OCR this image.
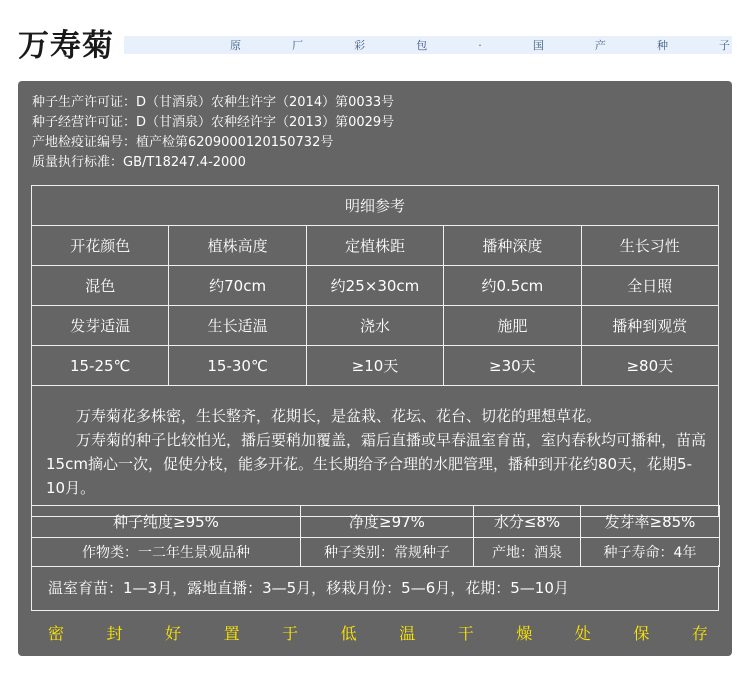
万寿菊	原	厂	彩	包	·	国	产	种	子
种子生产许可证：D（甘酒泉）农种生许字（2014）第0033号
种子经营许可证：D（甘酒泉）农种经许字（2013）第0029号
产地检疫证编号：植产检第6209000120150732号
质量执行标准：GB/T18247.4-2000
明细参考				
开花颜色	植株高度	定植株距	播种深度	生长习性
混色	约70cm	约25×30cm	约0.5cm	全日照
发芽适温	生长适温	浇水	施肥	播种到观赏
15-25℃	15-30℃	≥10天	≥30天	≥80天

万寿菊花多株密，生长整齐，花期长，是盆栽、花坛、花台、切花的理想草花。

万寿菊的种子比较怕光，播后要稍加覆盖，霜后直播或早春温室育苗，室内春秋均可播种，苗高15cm摘心一次，促使分枝，能多开花。生长期给予合理的水肥管理，播种到开花约80天，花期5-10月。				

种子纯度≥95%	净度≥97%	水分≤8%	发芽率≥85%
作物类：一二年生景观品种	种子类别：常规种子	产地：酒泉	种子寿命：4年
温室育苗：1—3月，露地直播：3—5月，移栽月份：5—6月，花期：5—10月
密	封	好	置	于	低	温	干	燥	处	保	存
